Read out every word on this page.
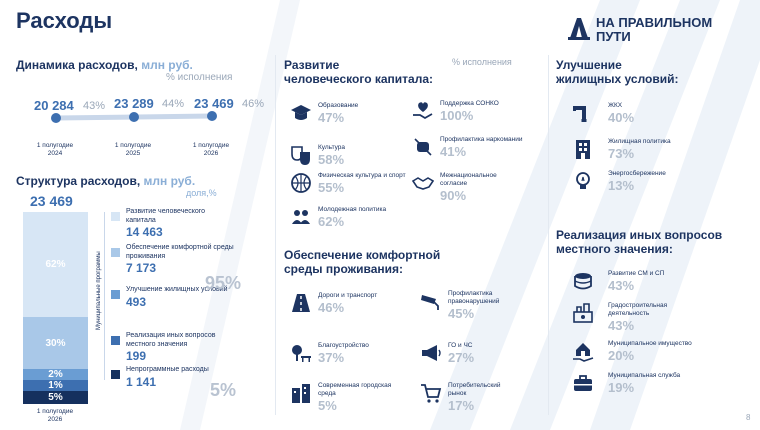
Расходы	НА ПРАВИЛЬНОМ
ПУТИ
Динамика расходов, млн руб.
% исполнения
20 284 43% 23 289 44% 23 469 46%
1 полугодие
2024
1 полугодие
2025
1 полугодие
2026
Структура расходов, млн руб.
доля,%
23 469
62%
30%
2%
1%
5%
1 полугодие
2026
Муниципальные программы
Развитие человеческого капитала
14 463
Обеспечение комфортной среды проживания
7 173
Улучшение жилищных условий
493
Реализация иных вопросов местного значения
199
Непрограммные расходы
1 141
95%
5%
Развитие
человеческого капитала:
% исполнения
Образование
47%
Культура
58%
Физическая культура и спорт
55%
Молодежная политика
62%
Поддержка СОНКО
100%
Профилактика наркомании
41%
Межнациональное согласие
90%
Обеспечение комфортной
среды проживания:
Дороги и транспорт
46%
Благоустройство
37%
Современная городская среда
5%
Профилактика правонарушений
45%
ГО и ЧС
27%
Потребительский рынок
17%
Улучшение
жилищных условий:
ЖКХ
40%
Жилищная политика
73%
Энергосбережение
13%
Реализация иных вопросов
местного значения:
Развитие СМ и СП
43%
Градостроительная деятельность
43%
Муниципальное имущество
20%
Муниципальная служба
19%
8
